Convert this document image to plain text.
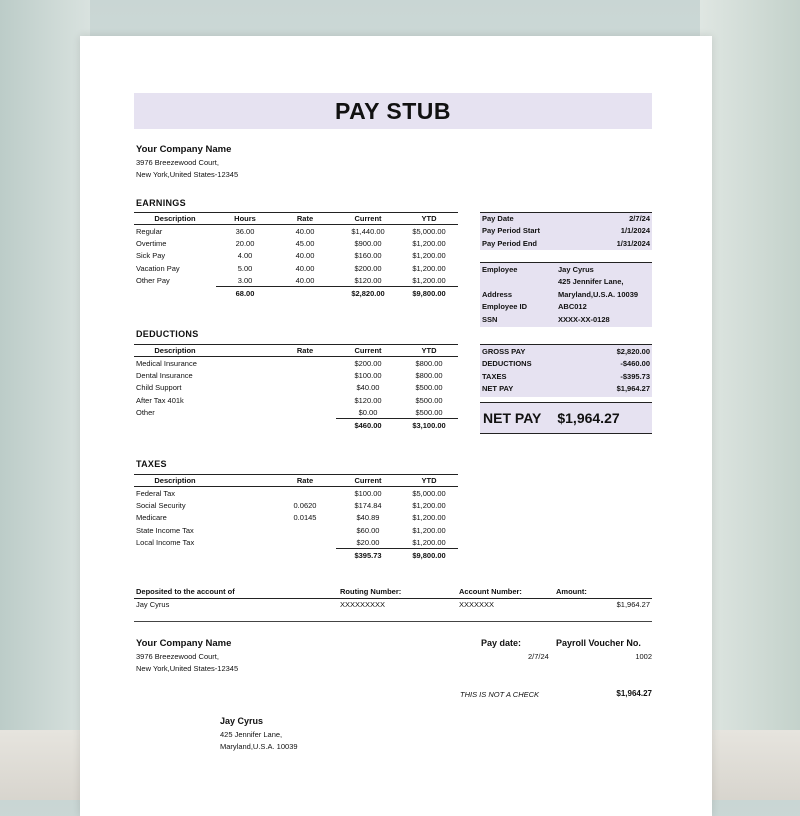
PAY STUB
Your Company Name
3976 Breezewood Court,
New York,United States-12345
EARNINGS
Description	Hours	Rate	Current	YTD
Regular	36.00	40.00	$1,440.00	$5,000.00
Overtime	20.00	45.00	$900.00	$1,200.00
Sick Pay	4.00	40.00	$160.00	$1,200.00
Vacation Pay	5.00	40.00	$200.00	$1,200.00
Other Pay	3.00	40.00	$120.00	$1,200.00
	68.00		$2,820.00	$9,800.00
Pay Date	2/7/24
Pay Period Start	1/1/2024
Pay Period End	1/31/2024
Employee	Jay Cyrus
425 Jennifer Lane,
Address	Maryland,U.S.A. 10039
Employee ID	ABC012
SSN	XXXX-XX-0128
DEDUCTIONS
Description		Rate	Current	YTD
Medical Insurance			$200.00	$800.00
Dental Insurance			$100.00	$800.00
Child Support			$40.00	$500.00
After Tax 401k			$120.00	$500.00
Other			$0.00	$500.00
			$460.00	$3,100.00
GROSS PAY	$2,820.00
DEDUCTIONS	-$460.00
TAXES	-$395.73
NET PAY	$1,964.27
NET PAY $1,964.27
TAXES
Description		Rate	Current	YTD
Federal Tax			$100.00	$5,000.00
Social Security		0.0620	$174.84	$1,200.00
Medicare		0.0145	$40.89	$1,200.00
State Income Tax			$60.00	$1,200.00
Local Income Tax			$20.00	$1,200.00
			$395.73	$9,800.00
Deposited to the account of	Routing Number:	Account Number:	Amount:
Jay Cyrus	XXXXXXXXX	XXXXXXX	$1,964.27
Your Company Name
3976 Breezewood Court,
New York,United States-12345
Pay date:
2/7/24
Payroll Voucher No.
1002
THIS IS NOT A CHECK	$1,964.27
Jay Cyrus
425 Jennifer Lane,
Maryland,U.S.A. 10039
